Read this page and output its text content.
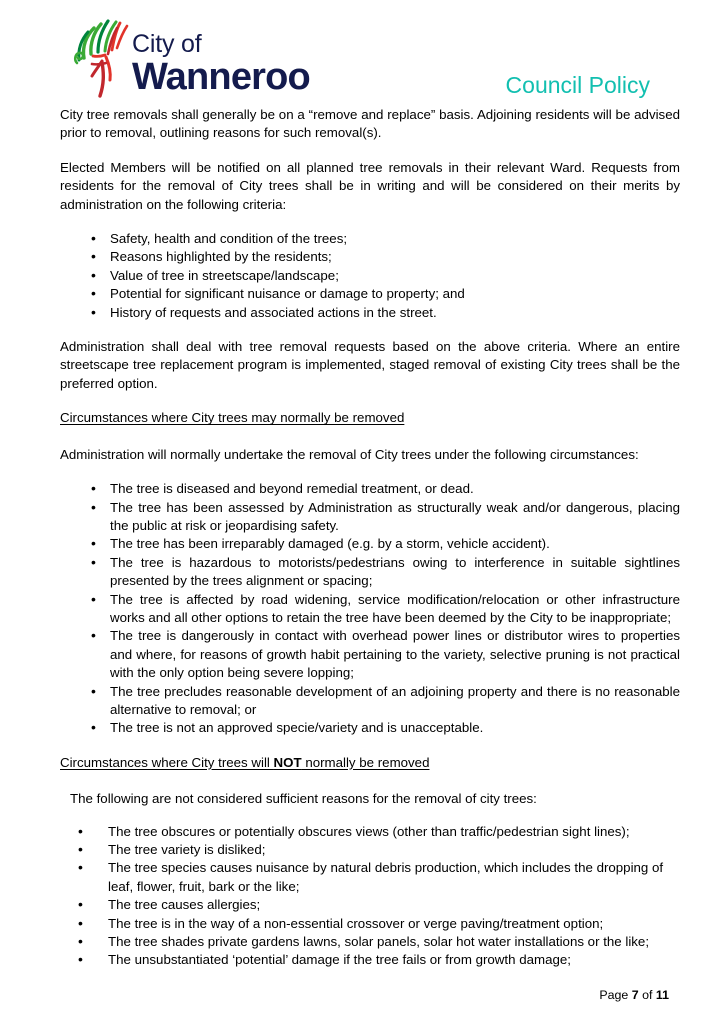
City of
Wanneroo	Council Policy

City tree removals shall generally be on a “remove and replace” basis. Adjoining residents will be advised prior to removal, outlining reasons for such removal(s).

Elected Members will be notified on all planned tree removals in their relevant Ward. Requests from residents for the removal of City trees shall be in writing and will be considered on their merits by administration on the following criteria:

• Safety, health and condition of the trees;
• Reasons highlighted by the residents;
• Value of tree in streetscape/landscape;
• Potential for significant nuisance or damage to property; and
• History of requests and associated actions in the street.

Administration shall deal with tree removal requests based on the above criteria. Where an entire streetscape tree replacement program is implemented, staged removal of existing City trees shall be the preferred option.

Circumstances where City trees may normally be removed

Administration will normally undertake the removal of City trees under the following circumstances:

• The tree is diseased and beyond remedial treatment, or dead.
• The tree has been assessed by Administration as structurally weak and/or dangerous, placing the public at risk or jeopardising safety.
• The tree has been irreparably damaged (e.g. by a storm, vehicle accident).
• The tree is hazardous to motorists/pedestrians owing to interference in suitable sightlines presented by the trees alignment or spacing;
• The tree is affected by road widening, service modification/relocation or other infrastructure works and all other options to retain the tree have been deemed by the City to be inappropriate;
• The tree is dangerously in contact with overhead power lines or distributor wires to properties and where, for reasons of growth habit pertaining to the variety, selective pruning is not practical with the only option being severe lopping;
• The tree precludes reasonable development of an adjoining property and there is no reasonable alternative to removal; or
• The tree is not an approved specie/variety and is unacceptable.
Circumstances where City trees will NOT normally be removed

The following are not considered sufficient reasons for the removal of city trees:

• The tree obscures or potentially obscures views (other than traffic/pedestrian sight lines);
• The tree variety is disliked;
• The tree species causes nuisance by natural debris production, which includes the dropping of leaf, flower, fruit, bark or the like;
• The tree causes allergies;
• The tree is in the way of a non-essential crossover or verge paving/treatment option;
• The tree shades private gardens lawns, solar panels, solar hot water installations or the like;
• The unsubstantiated ‘potential’ damage if the tree fails or from growth damage;
Page 7 of 11
